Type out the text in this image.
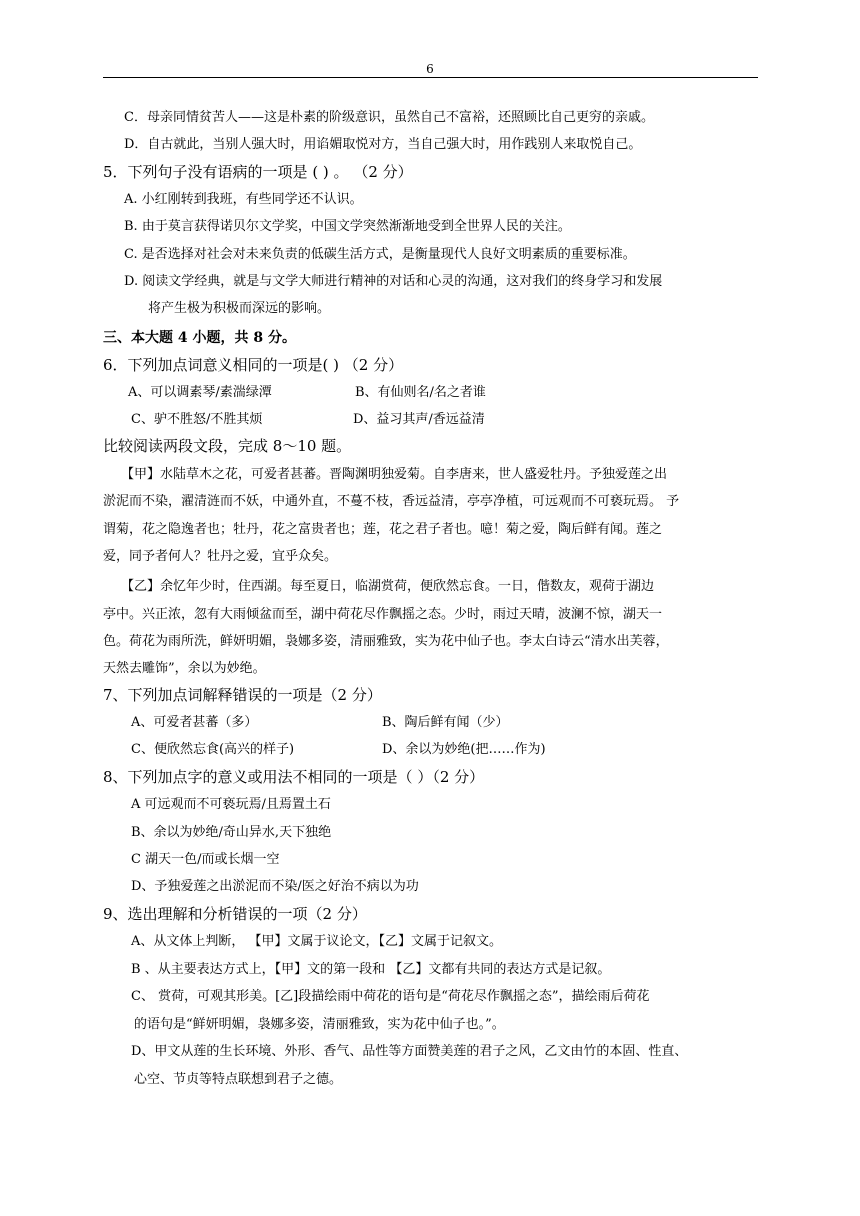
6
C．母亲同情贫苦人——这是朴素的阶级意识，虽然自己不富裕，还照顾比自己更穷的亲戚。
D．自古就此，当别人强大时，用谄媚取悦对方，当自己强大时，用作践别人来取悦自己。
5．下列句子没有语病的一项是 ( ) 。 （2 分）
A. 小红刚转到我班，有些同学还不认识。
B. 由于莫言获得诺贝尔文学奖，中国文学突然渐渐地受到全世界人民的关注。
C. 是否选择对社会对未来负责的低碳生活方式，是衡量现代人良好文明素质的重要标准。
D. 阅读文学经典，就是与文学大师进行精神的对话和心灵的沟通，这对我们的终身学习和发展
将产生极为积极而深远的影响。
三、本大题 4 小题，共 8 分。
6．下列加点词意义相同的一项是( ) （2 分）
A、可以调素琴/素湍绿潭	B、有仙则名/名之者谁
C、驴不胜怒/不胜其烦	D、益习其声/香远益清
比较阅读两段文段，完成 8～10 题。
【甲】水陆草木之花，可爱者甚蕃。晋陶渊明独爱菊。自李唐来，世人盛爱牡丹。予独爱莲之出
淤泥而不染，濯清涟而不妖，中通外直，不蔓不枝，香远益清，亭亭净植，可远观而不可亵玩焉。 予
谓菊，花之隐逸者也；牡丹，花之富贵者也；莲，花之君子者也。噫！菊之爱，陶后鲜有闻。莲之
爱，同予者何人？牡丹之爱，宜乎众矣。
【乙】余忆年少时，住西湖。每至夏日，临湖赏荷，便欣然忘食。一日，偕数友，观荷于湖边
亭中。兴正浓，忽有大雨倾盆而至，湖中荷花尽作飘摇之态。少时，雨过天晴，波澜不惊，湖天一
色。荷花为雨所洗，鲜妍明媚，袅娜多姿，清丽雅致，实为花中仙子也。李太白诗云“清水出芙蓉，
天然去雕饰”，余以为妙绝。
7、下列加点词解释错误的一项是（2 分）
A、可爱者甚蕃（多）	B、陶后鲜有闻（少）
C、便欣然忘食(高兴的样子)	D、余以为妙绝(把……作为)
8、下列加点字的意义或用法不相同的一项是（ ）（2 分）
A 可远观而不可亵玩焉/且焉置土石
B、余以为妙绝/奇山异水,天下独绝
C 湖天一色/而或长烟一空
D、予独爱莲之出淤泥而不染/医之好治不病以为功
9、选出理解和分析错误的一项（2 分）
A、从文体上判断， 【甲】文属于议论文，【乙】文属于记叙文。
B 、从主要表达方式上，【甲】文的第一段和 【乙】文都有共同的表达方式是记叙。
C、 赏荷，可观其形美。[乙]段描绘雨中荷花的语句是“荷花尽作飘摇之态”，描绘雨后荷花
的语句是“鲜妍明媚，袅娜多姿，清丽雅致，实为花中仙子也。”。
D、甲文从莲的生长环境、外形、香气、品性等方面赞美莲的君子之风，乙文由竹的本固、性直、
心空、节贞等特点联想到君子之德。
